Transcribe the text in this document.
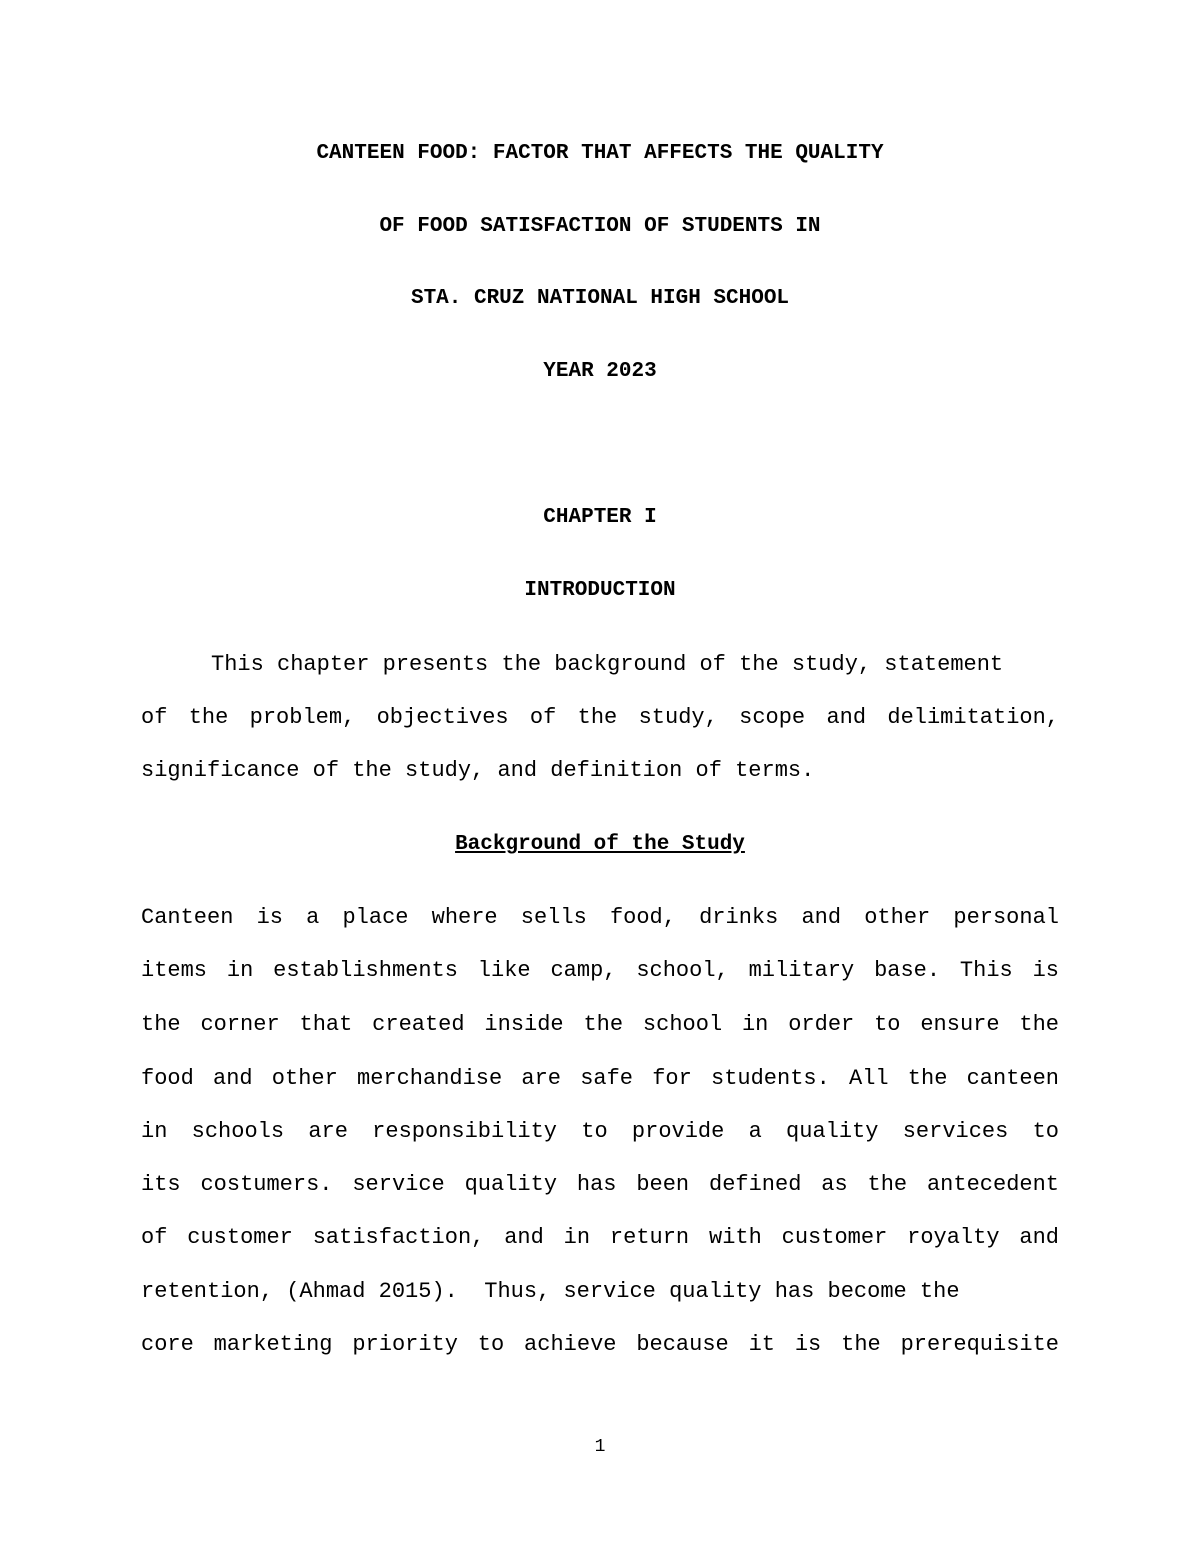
CANTEEN FOOD: FACTOR THAT AFFECTS THE QUALITY
OF FOOD SATISFACTION OF STUDENTS IN
STA. CRUZ NATIONAL HIGH SCHOOL
YEAR 2023
CHAPTER I
INTRODUCTION
This chapter presents the background of the study, statement
of the problem, objectives of the study, scope and delimitation,
significance of the study, and definition of terms.
Background of the Study
Canteen is a place where sells food, drinks and other personal
items in establishments like camp, school, military base. This is
the corner that created inside the school in order to ensure the
food and other merchandise are safe for students. All the canteen
in schools are responsibility to provide a quality services to
its costumers. service quality has been defined as the antecedent
of customer satisfaction, and in return with customer royalty and
retention, (Ahmad 2015).  Thus, service quality has become the
core marketing priority to achieve because it is the prerequisite
1
